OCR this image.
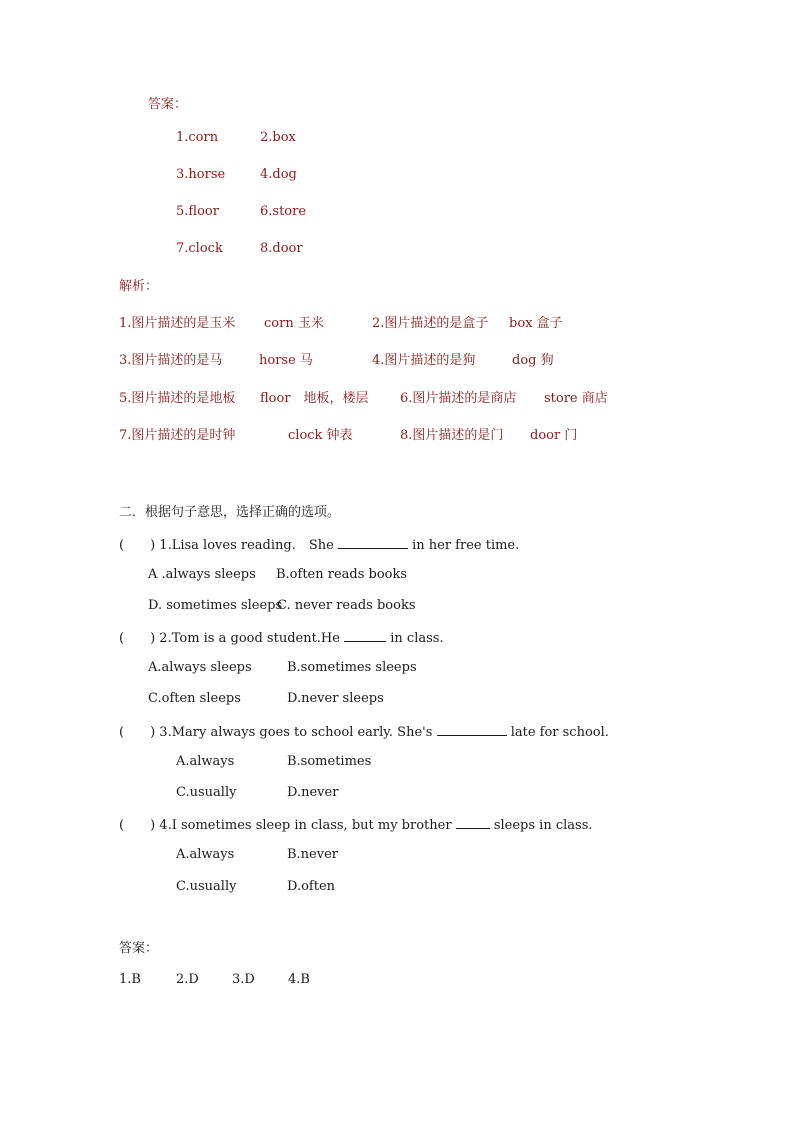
答案：
1.corn	2.box
3.horse	4.dog
5.floor	6.store
7.clock	8.door
解析：
1.图片描述的是玉米 corn 玉米	2.图片描述的是盒子 box 盒子
3.图片描述的是马	horse 马	4.图片描述的是狗	dog 狗
5.图片描述的是地板 floor　地板，楼层 6.图片描述的是商店 store 商店
7.图片描述的是时钟	clock 钟表	8.图片描述的是门 door 门
二．根据句子意思，选择正确的选项。
(　　) 1.Lisa loves reading.　She	in her free time.
A .always sleeps B.often reads books
D. sometimes sleeps
C. never reads books
(　　) 2.Tom is a good student.He	in class.
A.always sleeps	B.sometimes sleeps
C.often sleeps	D.never sleeps
(　　) 3.Mary always goes to school early. She's	late for school.
A.always	B.sometimes
C.usually	D.never
(　　) 4.I sometimes sleep in class, but my brother	sleeps in class.
A.always	B.never
C.usually	D.often
答案：
1.B	2.D	3.D	4.B
